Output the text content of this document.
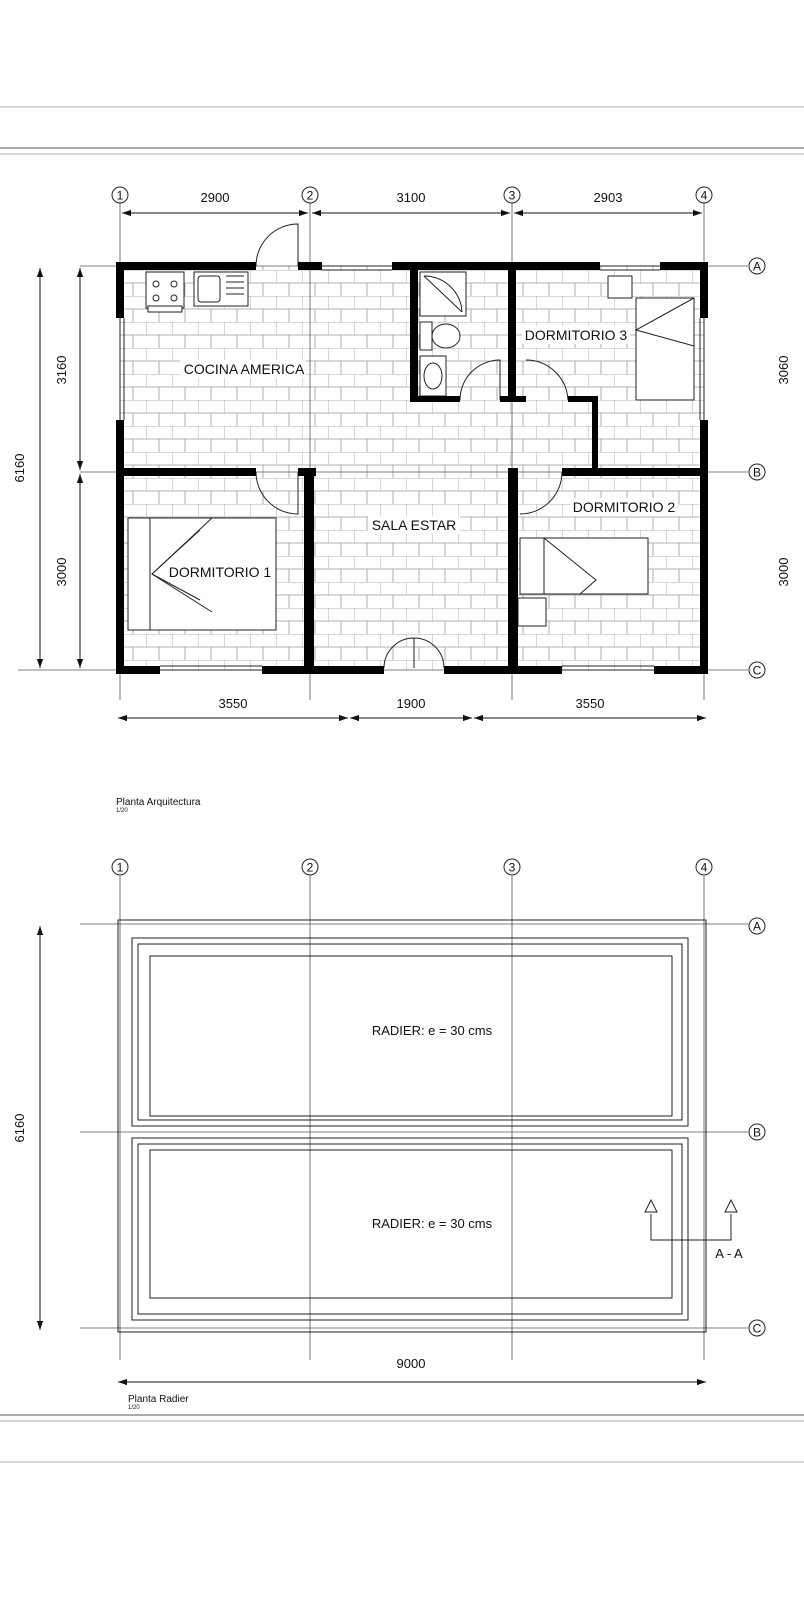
COCINA AMERICA
DORMITORIO 3
DORMITORIO 1
SALA ESTAR
DORMITORIO 2
1	2	3	4
A
B
C
2900	3100	2903
3550	1900	3550
6160
3160
3000
3060
3000
Planta Arquitectura
1/20
RADIER: e = 30 cms
RADIER: e = 30 cms
A - A
1	2	3	4
A
B
C
6160
9000
Planta Radier
1/20
